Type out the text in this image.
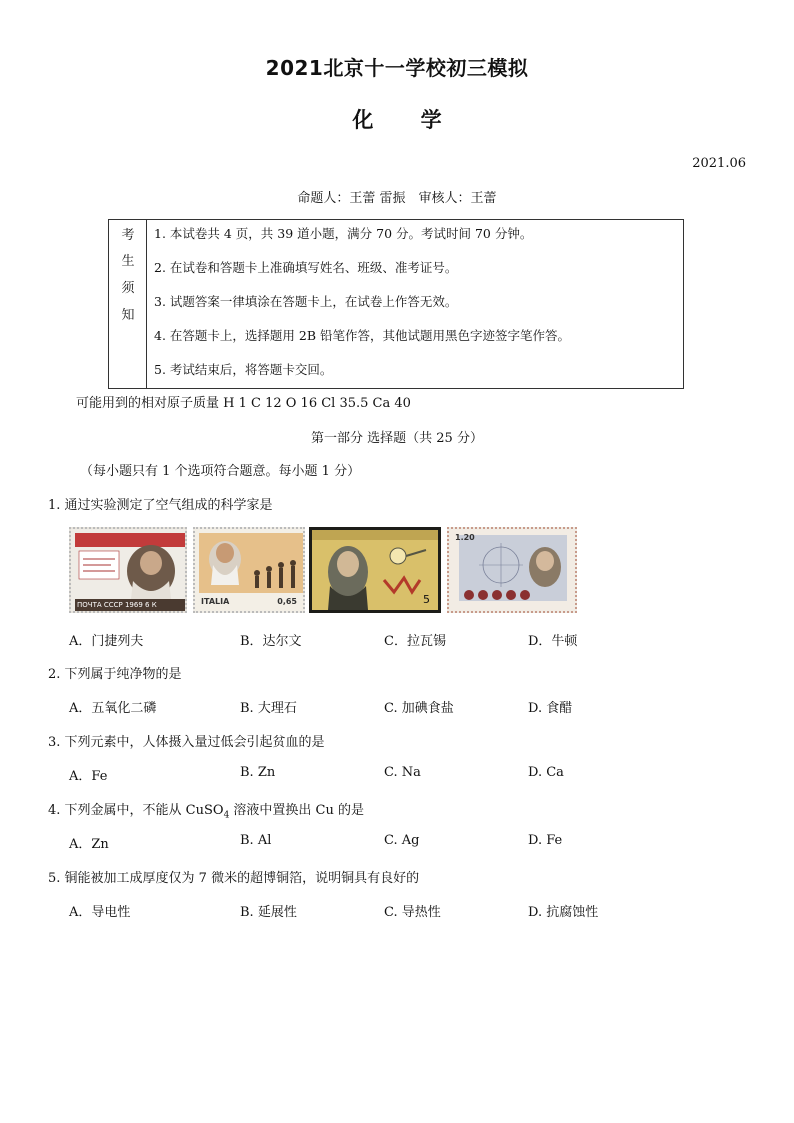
2021北京十一学校初三模拟
化 学
2021.06
命题人：王蕾 雷振　审核人：王蕾
考
生
须
知
1. 本试卷共 4 页，共 39 道小题，满分 70 分。考试时间 70 分钟。
2. 在试卷和答题卡上准确填写姓名、班级、准考证号。
3. 试题答案一律填涂在答题卡上，在试卷上作答无效。
4. 在答题卡上，选择题用 2B 铅笔作答，其他试题用黑色字迹签字笔作答。
5. 考试结束后，将答题卡交回。
可能用到的相对原子质量 H 1 C 12 O 16 Cl 35.5 Ca 40
第一部分 选择题（共 25 分）
（每小题只有 1 个选项符合题意。每小题 1 分）
1. 通过实验测定了空气组成的科学家是
ПОЧТА СССР 1969 6 К	ITALIA	0,65	5
1.20
A．门捷列夫	B．达尔文	C．拉瓦锡	D．牛顿
2. 下列属于纯净物的是
A．五氧化二磷	B. 大理石	C. 加碘食盐	D. 食醋
3. 下列元素中，人体摄入量过低会引起贫血的是
A．Fe	B. Zn	C. Na	D. Ca
4. 下列金属中，不能从 CuSO$_4$ 溶液中置换出 Cu 的是
A．Zn	B. Al	C. Ag	D. Fe
5. 铜能被加工成厚度仅为 7 微米的超博铜箔，说明铜具有良好的
A．导电性	B. 延展性	C. 导热性	D. 抗腐蚀性
